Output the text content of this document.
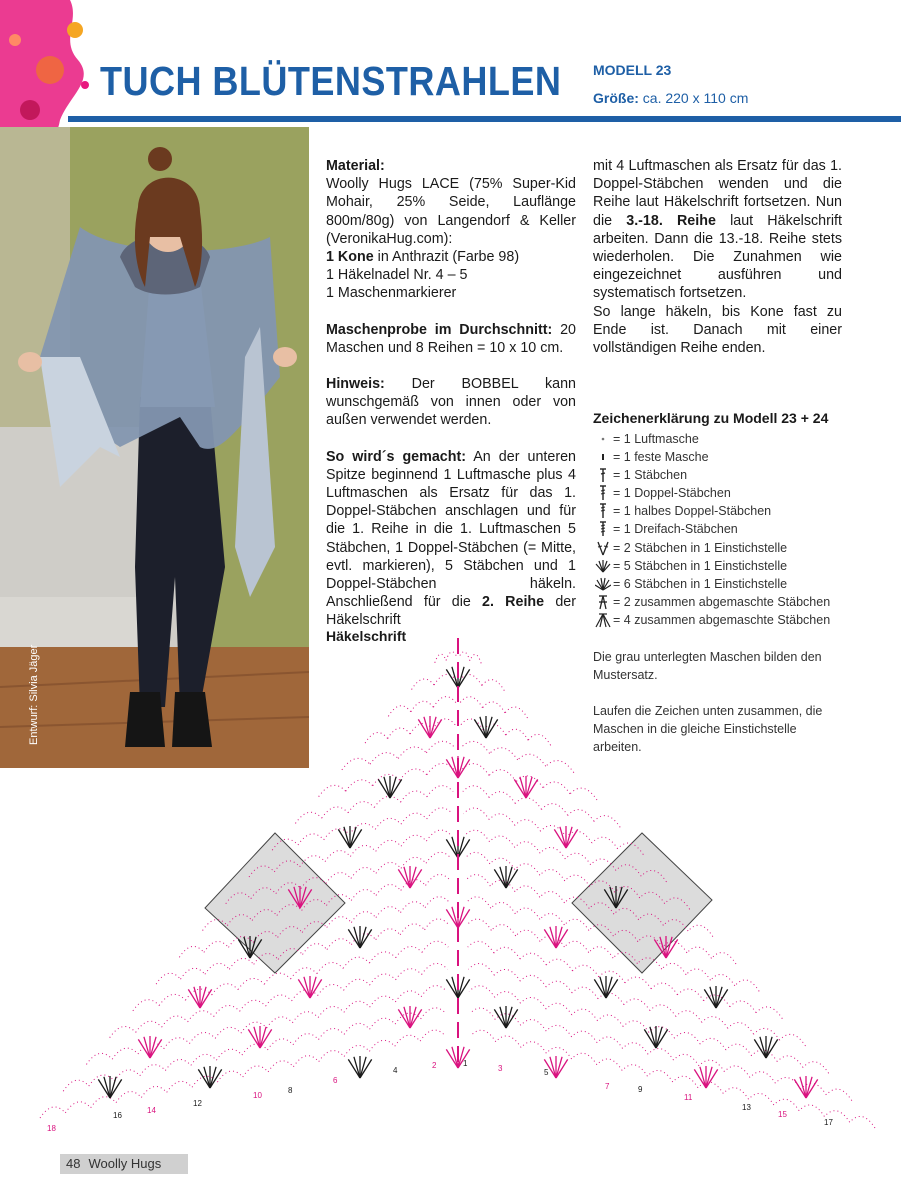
TUCH BLÜTENSTRAHLEN MODELL 23
Größe: ca. 220 x 110 cm
Entwurf: Silvia Jäger

Material:
Woolly Hugs LACE (75% Super-Kid Mohair, 25% Seide, Lauflänge 800m/80g) von Langendorf & Keller (VeronikaHug.com):
1 Kone in Anthrazit (Farbe 98)
1 Häkelnadel Nr. 4 – 5
1 Maschenmarkierer

Maschenprobe im Durchschnitt: 20 Maschen und 8 Reihen = 10 x 10 cm.

Hinweis: Der BOBBEL kann wunschgemäß von innen oder von außen verwendet werden.

So wird´s gemacht: An der unteren Spitze beginnend 1 Luftmasche plus 4 Luftmaschen als Ersatz für das 1. Doppel-Stäbchen anschlagen und für die 1. Reihe in die 1. Luftmaschen 5 Stäbchen, 1 Doppel-Stäbchen (= Mitte, evtl. markieren), 5 Stäbchen und 1 Doppel-Stäbchen häkeln. Anschließend für die 2. Reihe der Häkelschrift

mit 4 Luftmaschen als Ersatz für das 1. Doppel-Stäbchen wenden und die Reihe laut Häkelschrift fortsetzen. Nun die 3.-18. Reihe laut Häkelschrift arbeiten. Dann die 13.-18. Reihe stets wiederholen. Die Zunahmen wie eingezeichnet ausführen und systematisch fortsetzen.
So lange häkeln, bis Kone fast zu Ende ist. Danach mit einer vollständigen Reihe enden.

Zeichenerklärung zu Modell 23 + 24
= 1 Luftmasche
= 1 feste Masche
= 1 Stäbchen
= 1 Doppel-Stäbchen
= 1 halbes Doppel-Stäbchen
= 1 Dreifach-Stäbchen
= 2 Stäbchen in 1 Einstichstelle
= 5 Stäbchen in 1 Einstichstelle
= 6 Stäbchen in 1 Einstichstelle
= 2 zusammen abgemaschte Stäbchen
= 4 zusammen abgemaschte Stäbchen
Die grau unterlegten Maschen bilden den Mustersatz.
Laufen die Zeichen unten zusammen, die Maschen in die gleiche Einstichstelle arbeiten.
Häkelschrift
2
4
6
8
10
12
14
16
18
1
3	5
7	9
11
13
15
17
48 Woolly Hugs
